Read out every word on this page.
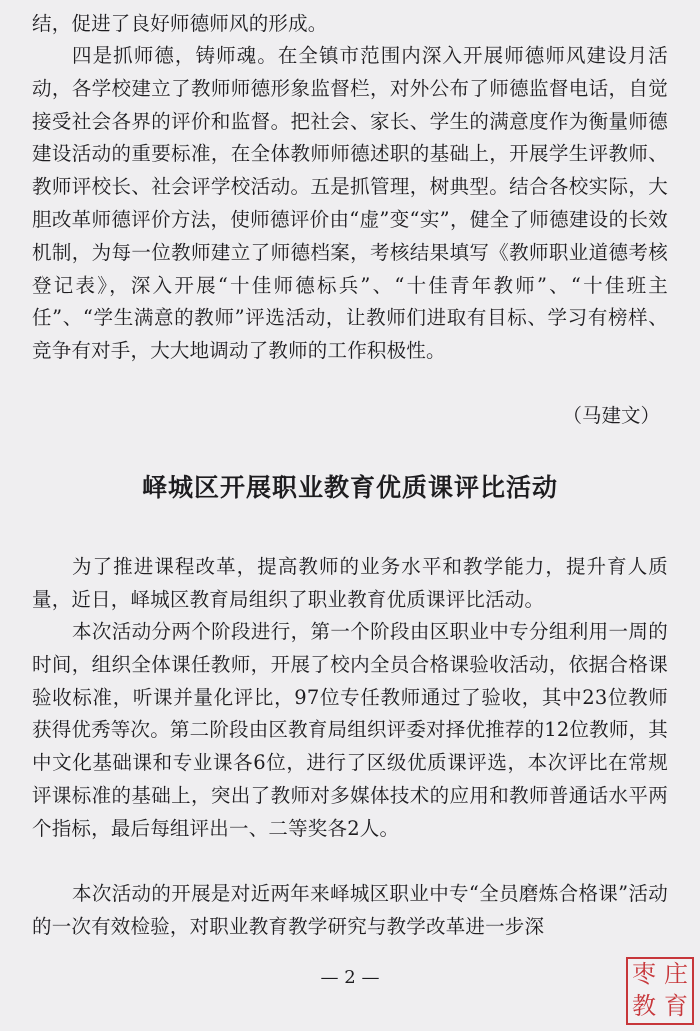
结，促进了良好师德师风的形成。

四是抓师德，铸师魂。在全镇市范围内深入开展师德师风建设月活动，各学校建立了教师师德形象监督栏，对外公布了师德监督电话，自觉接受社会各界的评价和监督。把社会、家长、学生的满意度作为衡量师德建设活动的重要标准，在全体教师师德述职的基础上，开展学生评教师、教师评校长、社会评学校活动。五是抓管理，树典型。结合各校实际，大胆改革师德评价方法，使师德评价由“虚”变“实”，健全了师德建设的长效机制，为每一位教师建立了师德档案，考核结果填写《教师职业道德考核登记表》，深入开展“十佳师德标兵”、“十佳青年教师”、“十佳班主任”、“学生满意的教师”评选活动，让教师们进取有目标、学习有榜样、竞争有对手，大大地调动了教师的工作积极性。

（马建文）
峄城区开展职业教育优质课评比活动

为了推进课程改革，提高教师的业务水平和教学能力，提升育人质量，近日，峄城区教育局组织了职业教育优质课评比活动。

本次活动分两个阶段进行，第一个阶段由区职业中专分组利用一周的时间，组织全体课任教师，开展了校内全员合格课验收活动，依据合格课验收标准，听课并量化评比，97位专任教师通过了验收，其中23位教师获得优秀等次。第二阶段由区教育局组织评委对择优推荐的12位教师，其中文化基础课和专业课各6位，进行了区级优质课评选，本次评比在常规评课标准的基础上，突出了教师对多媒体技术的应用和教师普通话水平两个指标，最后每组评出一、二等奖各2人。

本次活动的开展是对近两年来峄城区职业中专“全员磨炼合格课”活动的一次有效检验，对职业教育教学研究与教学改革进一步深

— 2 —	枣 庄
教 育
